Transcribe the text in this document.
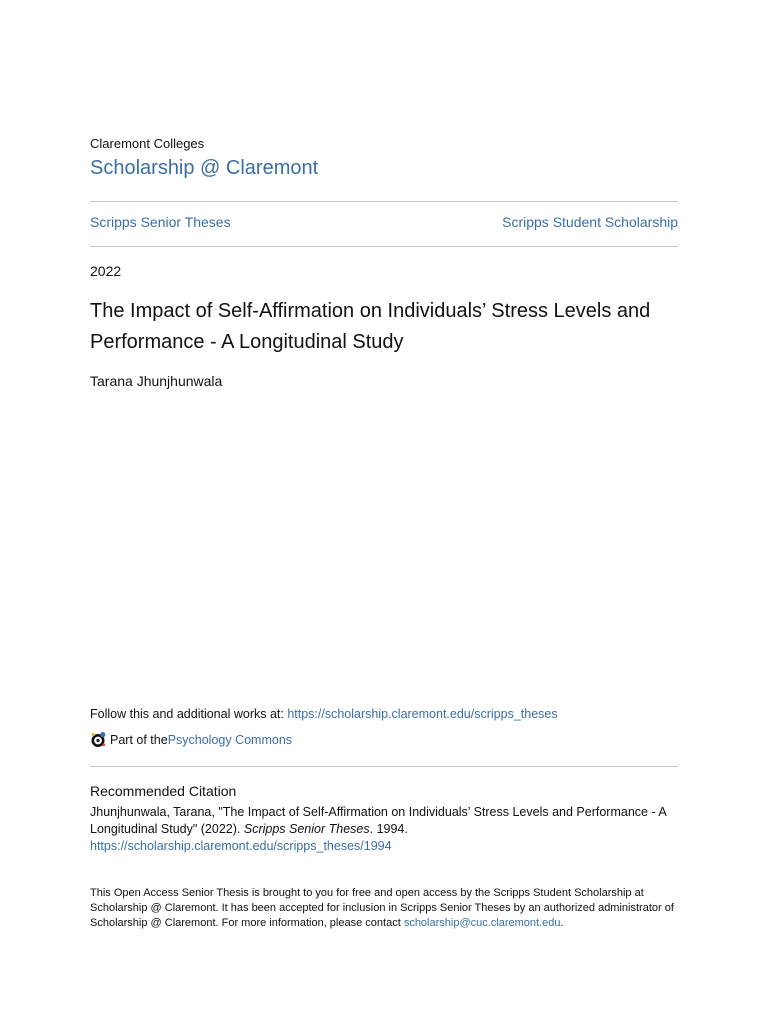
Claremont Colleges
Scholarship @ Claremont
Scripps Senior Theses	Scripps Student Scholarship
2022
The Impact of Self-Affirmation on Individuals’ Stress Levels and Performance - A Longitudinal Study
Tarana Jhunjhunwala
Follow this and additional works at: https://scholarship.claremont.edu/scripps_theses
Part of the Psychology Commons
Recommended Citation
Jhunjhunwala, Tarana, "The Impact of Self-Affirmation on Individuals’ Stress Levels and Performance - A Longitudinal Study" (2022). Scripps Senior Theses. 1994.
https://scholarship.claremont.edu/scripps_theses/1994
This Open Access Senior Thesis is brought to you for free and open access by the Scripps Student Scholarship at Scholarship @ Claremont. It has been accepted for inclusion in Scripps Senior Theses by an authorized administrator of Scholarship @ Claremont. For more information, please contact scholarship@cuc.claremont.edu.
